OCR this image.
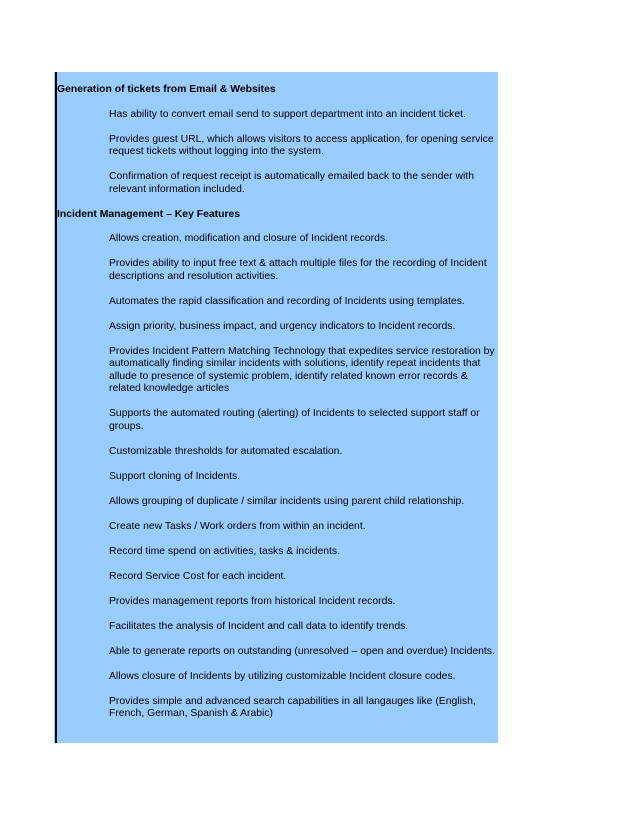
Generation of tickets from Email & Websites
Has ability to convert email send to support department into an incident ticket.
Provides guest URL, which allows visitors to access application, for opening service request tickets without logging into the system.
Confirmation of request receipt is automatically emailed back to the sender with relevant information included.
Incident Management – Key Features
Allows creation, modification and closure of Incident records.
Provides ability to input free text & attach multiple files for the recording of Incident descriptions and resolution activities.
Automates the rapid classification and recording of Incidents using templates.
Assign priority, business impact, and urgency indicators to Incident records.
Provides Incident Pattern Matching Technology that expedites service restoration by automatically finding similar incidents with solutions, identify repeat incidents that allude to presence of systemic problem, identify related known error records & related knowledge articles
Supports the automated routing (alerting) of Incidents to selected support staff or groups.
Customizable thresholds for automated escalation.
Support cloning of Incidents.
Allows grouping of duplicate / similar incidents using parent child relationship.
Create new Tasks / Work orders from within an incident.
Record time spend on activities, tasks & incidents.
Record Service Cost for each incident.
Provides management reports from historical Incident records.
Facilitates the analysis of Incident and call data to identify trends.
Able to generate reports on outstanding (unresolved – open and overdue) Incidents.
Allows closure of Incidents by utilizing customizable Incident closure codes.
Provides simple and advanced search capabilities in all langauges like (English, French, German, Spanish & Arabic)
